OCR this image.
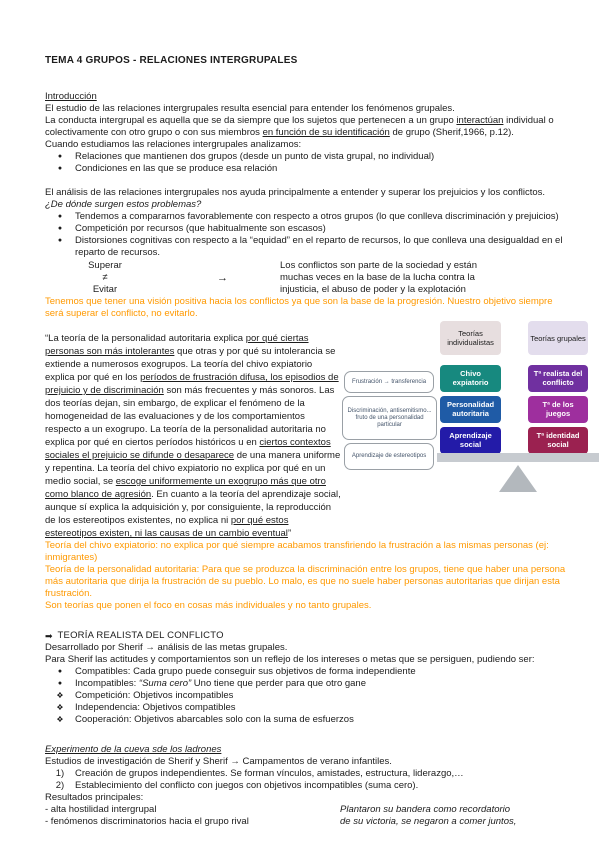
TEMA 4 GRUPOS - RELACIONES INTERGRUPALES

Introducción

El estudio de las relaciones intergrupales resulta esencial para entender los fenómenos grupales.

La conducta intergrupal es aquella que se da siempre que los sujetos que pertenecen a un grupo interactúan individual o colectivamente con otro grupo o con sus miembros en función de su identificación de grupo (Sherif,1966, p.12).

Cuando estudiamos las relaciones intergrupales analizamos:

●	Relaciones que mantienen dos grupos (desde un punto de vista grupal, no individual)
●	Condiciones en las que se produce esa relación

El análisis de las relaciones intergrupales nos ayuda principalmente a entender y superar los prejuicios y los conflictos.

¿De dónde surgen estos problemas?

●	Tendemos a compararnos favorablemente con respecto a otros grupos (lo que conlleva discriminación y prejuicios)
●	Competición por recursos (que habitualmente son escasos)
●	Distorsiones cognitivas con respecto a la “equidad” en el reparto de recursos, lo que conlleva una desigualdad en el reparto de recursos.

Superar

≠

Evitar

→

Los conflictos son parte de la sociedad y están

muchas veces en la base de la lucha contra la

injusticia, el abuso de poder y la explotación

Tenemos que tener una visión positiva hacia los conflictos ya que son la base de la progresión. Nuestro objetivo siempre será superar el conflicto, no evitarlo.

“La teoría de la personalidad autoritaria explica por qué ciertas personas son más intolerantes que otras y por qué su intolerancia se extiende a numerosos exogrupos. La teoría del chivo expiatorio explica por qué en los períodos de frustración difusa, los episodios de prejuicio y de discriminación son más frecuentes y más sonoros. Las dos teorías dejan, sin embargo, de explicar el fenómeno de la homogeneidad de las evaluaciones y de los comportamientos respecto a un exogrupo. La teoría de la personalidad autoritaria no explica por qué en ciertos períodos históricos u en ciertos contextos sociales el prejuicio se difunde o desaparece de una manera uniforme y repentina. La teoría del chivo expiatorio no explica por qué en un medio social, se escoge uniformemente un exogrupo más que otro como blanco de agresión. En cuanto a la teoría del aprendizaje social, aunque sí explica la adquisición y, por consiguiente, la reproducción de los estereotipos existentes, no explica ni por qué estos estereotipos existen, ni las causas de un cambio eventual”

Frustración → transferencia
Discriminación, antisemitismo... fruto de una personalidad particular
Aprendizaje de estereotipos
Teorías individualistas	Teorías grupales
Chivo expiatorio
Personalidad autoritaria
Aprendizaje social
Tª realista del conflicto
Tª de los juegos
Tª identidad social

Teoría del chivo expiatorio: no explica por qué siempre acabamos transfiriendo la frustración a las mismas personas (ej: inmigrantes)

Teoría de la personalidad autoritaria: Para que se produzca la discriminación entre los grupos, tiene que haber una persona más autoritaria que dirija la frustración de su pueblo. Lo malo, es que no suele haber personas autoritarias que dirijan esta frustración.

Son teorías que ponen el foco en cosas más individuales y no tanto grupales.

➡ TEORÍA REALISTA DEL CONFLICTO

Desarrollado por Sherif → análisis de las metas grupales.

Para Sherif las actitudes y comportamientos son un reflejo de los intereses o metas que se persiguen, pudiendo ser:

●	Compatibles: Cada grupo puede conseguir sus objetivos de forma independiente
●	Incompatibles: “Suma cero” Uno tiene que perder para que otro gane
❖	Competición: Objetivos incompatibles
❖	Independencia: Objetivos compatibles
❖	Cooperación: Objetivos abarcables solo con la suma de esfuerzos

Experimento de la cueva sde los ladrones

Estudios de investigación de Sherif y Sherif → Campamentos de verano infantiles.

1)	Creación de grupos independientes. Se forman vínculos, amistades, estructura, liderazgo,…
2)	Establecimiento del conflicto con juegos con objetivos incompatibles (suma cero).

Resultados principales:

- alta hostilidad intergrupal

- fenómenos discriminatorios hacia el grupo rival

Plantaron su bandera como recordatorio

de su victoria, se negaron a comer juntos,
